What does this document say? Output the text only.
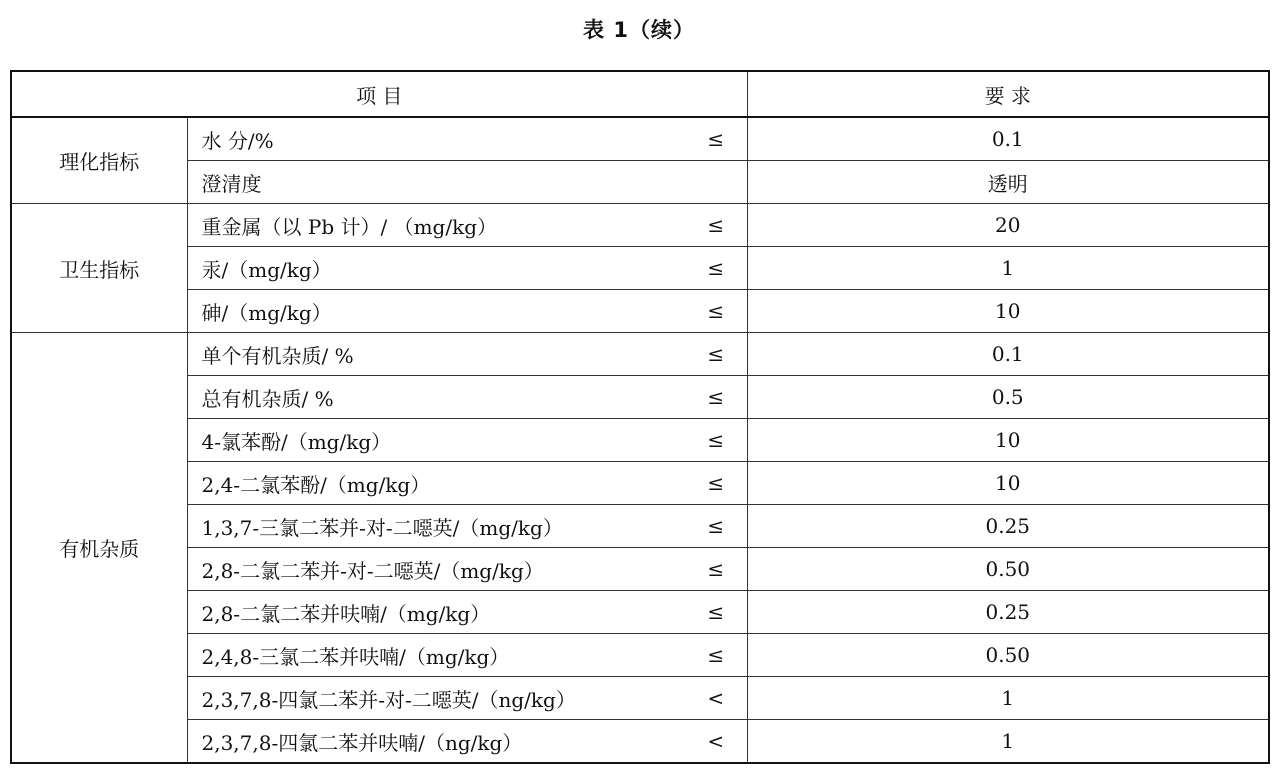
表 1（续）
项 目			要 求
理化指标	水 分/%	≤	0.1
	澄清度		透明
卫生指标	重金属（以 Pb 计）/ （mg/kg）	≤	20
	汞/（mg/kg）	≤	1
	砷/（mg/kg）	≤	10
有机杂质	单个有机杂质/ %	≤	0.1
	总有机杂质/ %	≤	0.5
	4-氯苯酚/（mg/kg）	≤	10
	2,4-二氯苯酚/（mg/kg）	≤	10
	1,3,7-三氯二苯并-对-二噁英/（mg/kg）	≤	0.25
	2,8-二氯二苯并-对-二噁英/（mg/kg）	≤	0.50
	2,8-二氯二苯并呋喃/（mg/kg）	≤	0.25
	2,4,8-三氯二苯并呋喃/（mg/kg）	≤	0.50
	2,3,7,8-四氯二苯并-对-二噁英/（ng/kg）	<	1
	2,3,7,8-四氯二苯并呋喃/（ng/kg）	<	1
